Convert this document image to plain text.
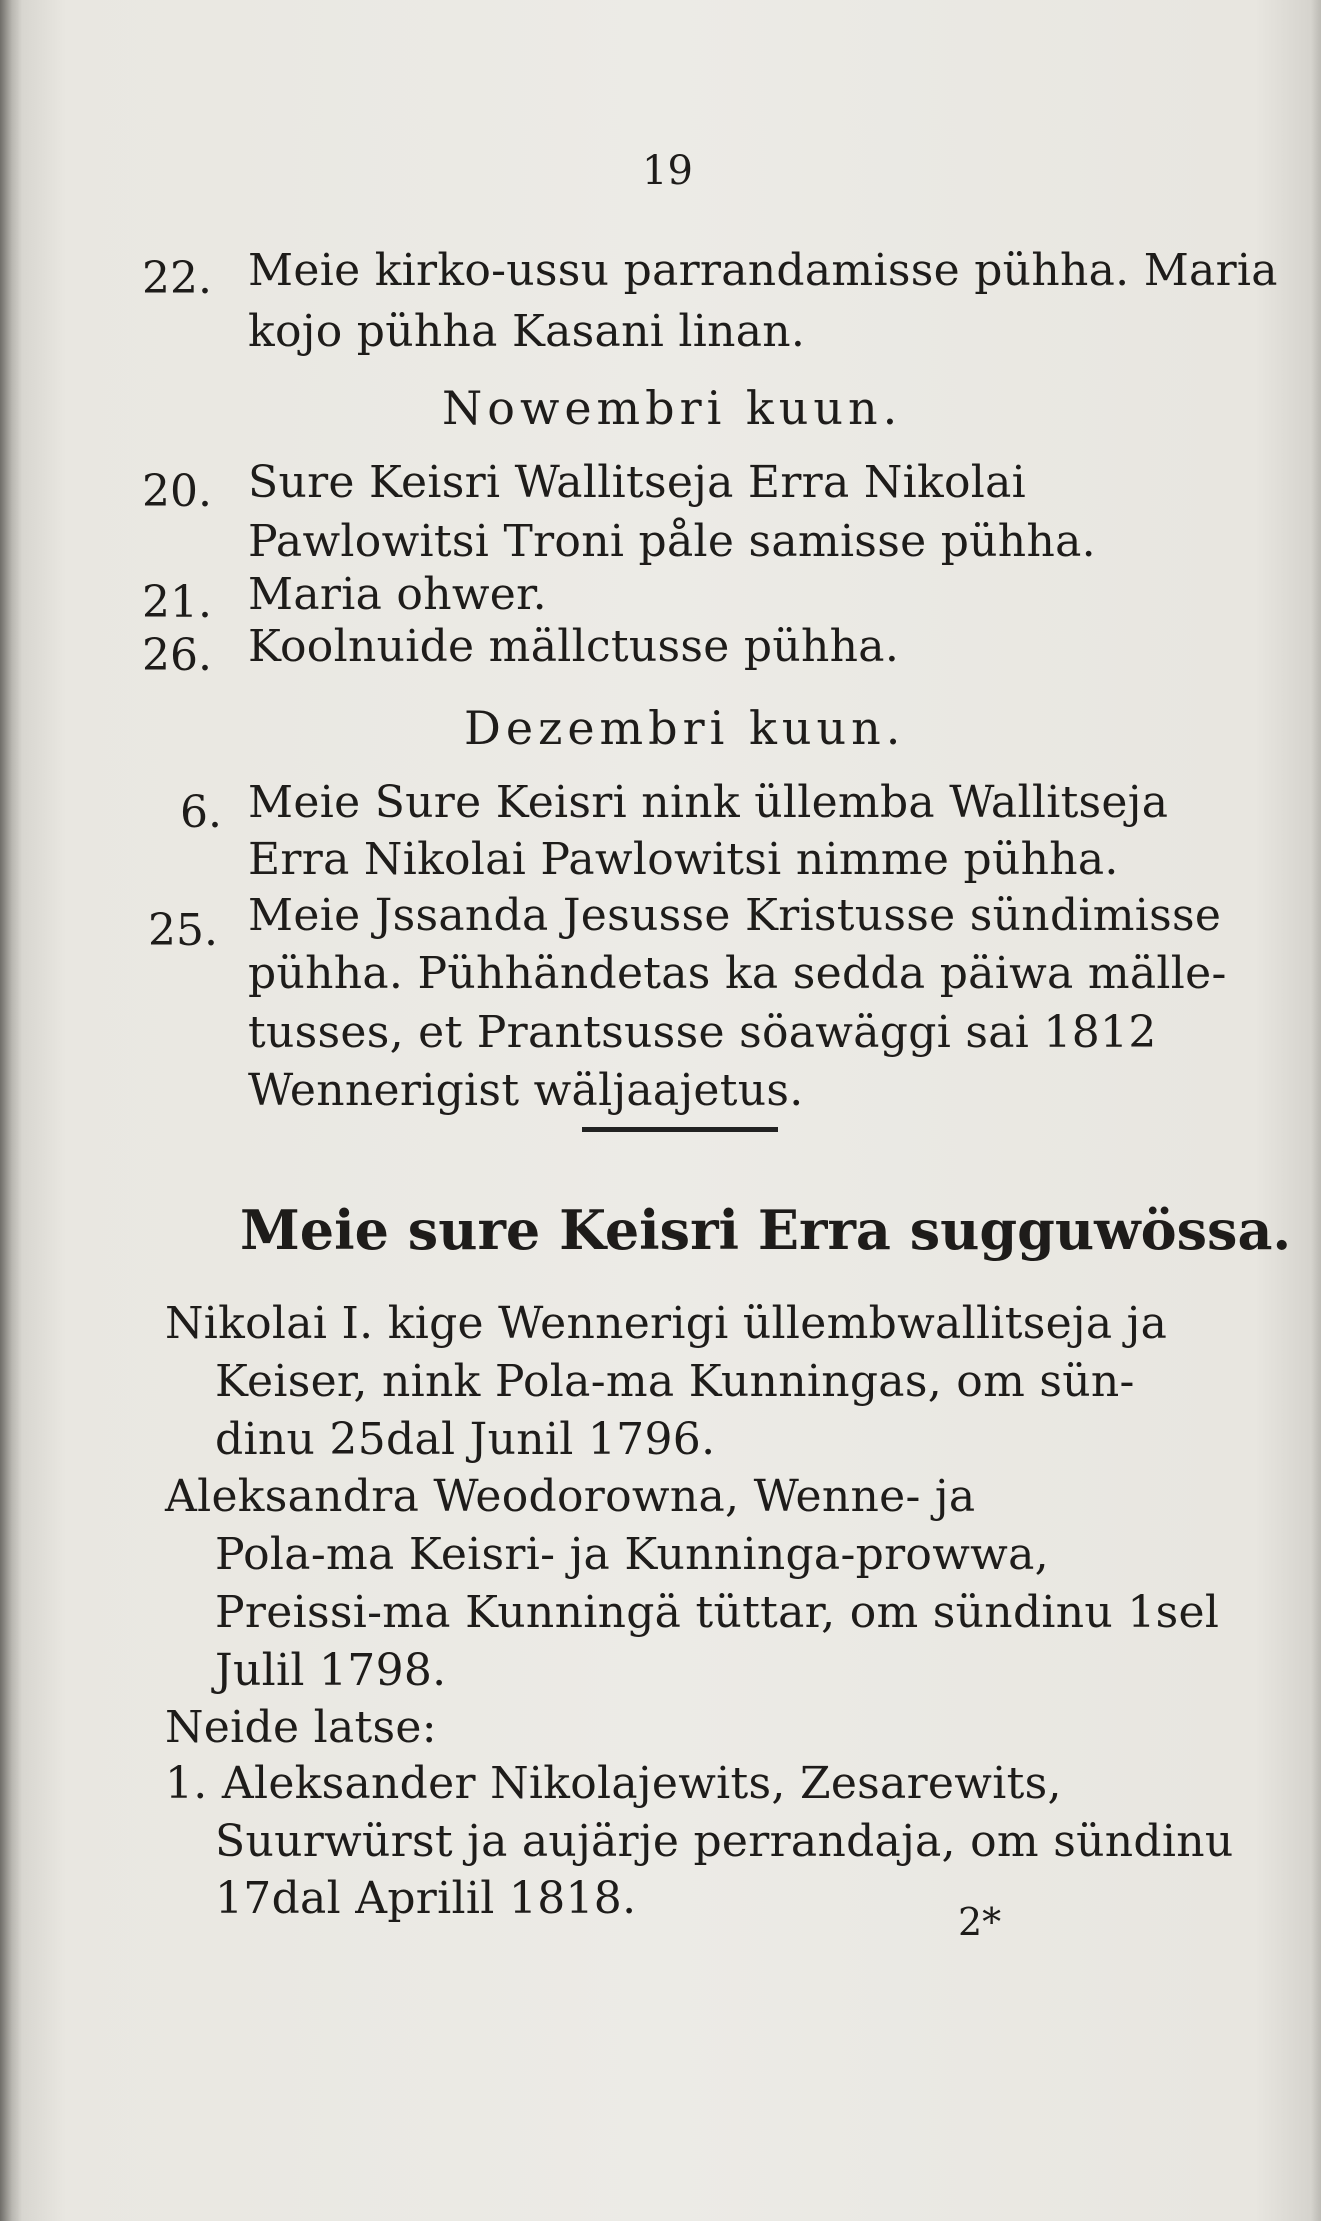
19
22. Meie kirko-ussu parrandamisse pühha. Maria
kojo pühha Kasani linan.
Nowembri kuun.
20. Sure Keisri Wallitseja Erra Nikolai
Pawlowitsi Troni påle samisse pühha.
21. Maria ohwer.
26. Koolnuide mällctusse pühha.
Dezembri kuun.
6. Meie Sure Keisri nink üllemba Wallitseja
Erra Nikolai Pawlowitsi nimme pühha.
25. Meie Jssanda Jesusse Kristusse sündimisse
pühha. Pühhändetas ka sedda päiwa mälle-
tusses, et Prantsusse söawäggi sai 1812
Wennerigist wäljaajetus.
Meie sure Keisri Erra sugguwössa.
Nikolai I. kige Wennerigi üllembwallitseja ja
Keiser, nink Pola-ma Kunningas, om sün-
dinu 25dal Junil 1796.
Aleksandra Weodorowna, Wenne- ja
Pola-ma Keisri- ja Kunninga-prowwa,
Preissi-ma Kunningä tüttar, om sündinu 1sel
Julil 1798.
Neide latse:
1. Aleksander Nikolajewits, Zesarewits,
Suurwürst ja aujärje perrandaja, om sündinu
17dal Aprilil 1818.	2*
